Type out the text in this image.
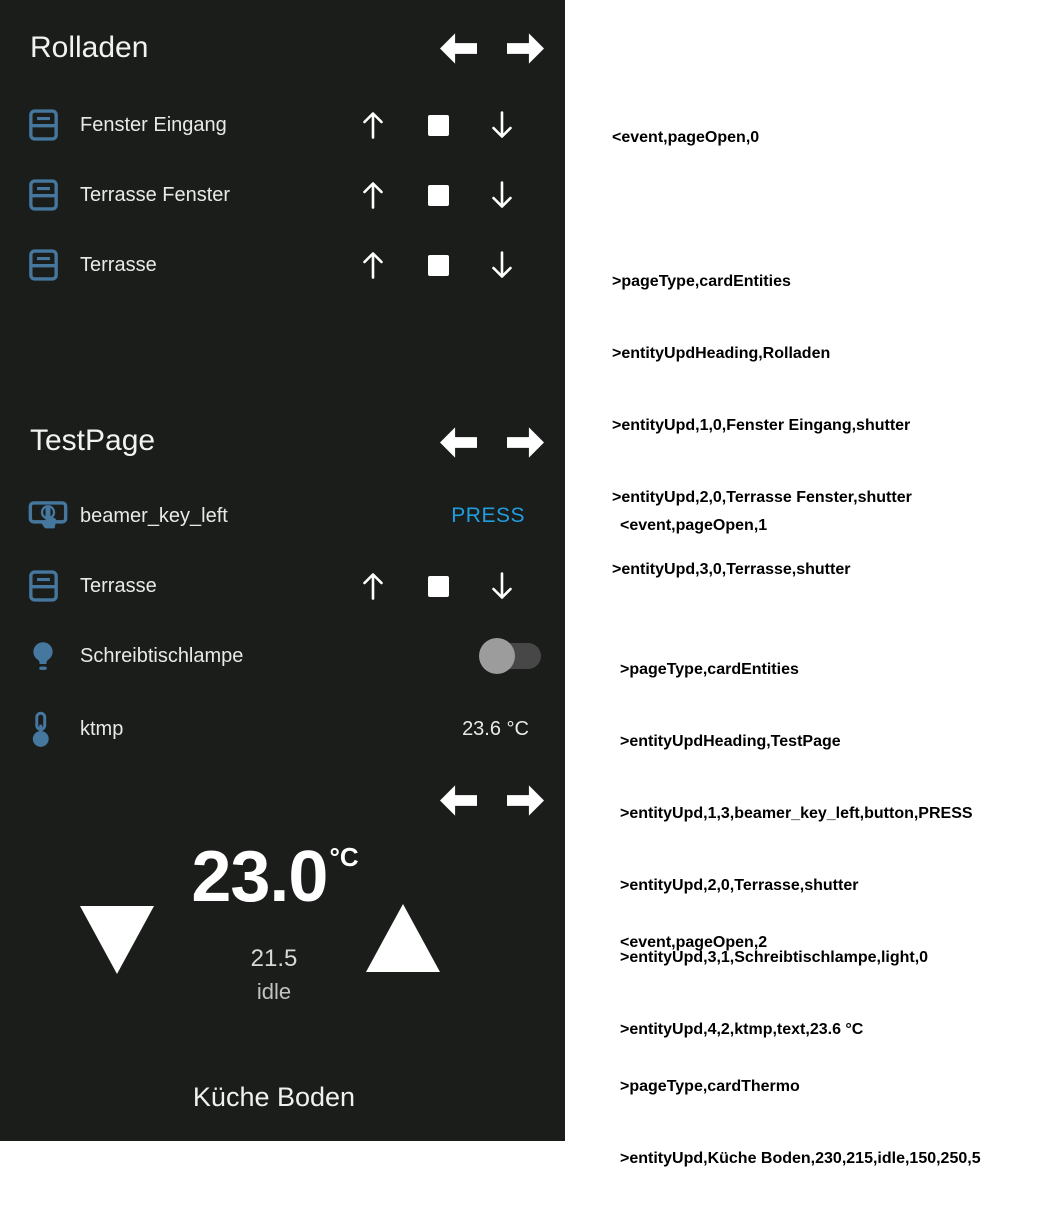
Rolladen
Fenster Eingang
Terrasse Fenster
Terrasse
TestPage
beamer_key_left	PRESS
Terrasse
Schreibtischlampe
ktmp	23.6 °C
23.0°C
21.5
idle
Küche Boden

<event,pageOpen,0

>pageType,cardEntities

>entityUpdHeading,Rolladen

>entityUpd,1,0,Fenster Eingang,shutter

>entityUpd,2,0,Terrasse Fenster,shutter

>entityUpd,3,0,Terrasse,shutter

<event,pageOpen,1

>pageType,cardEntities

>entityUpdHeading,TestPage

>entityUpd,1,3,beamer_key_left,button,PRESS

>entityUpd,2,0,Terrasse,shutter

>entityUpd,3,1,Schreibtischlampe,light,0

>entityUpd,4,2,ktmp,text,23.6 °C

<event,pageOpen,2

>pageType,cardThermo

>entityUpd,Küche Boden,230,215,idle,150,250,5
